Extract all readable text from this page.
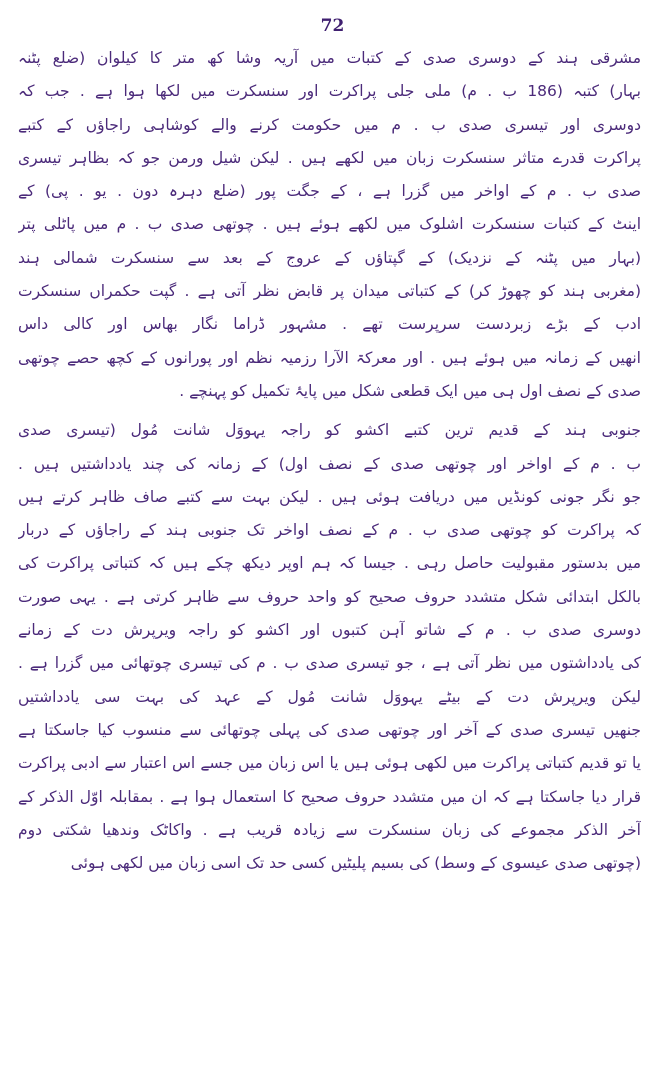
72
مشرقی ہند کے دوسری صدی کے کتبات میں آریہ وشا کھ متر کا کیلوان (ضلع پٹنہ
بہار) کتبہ (186 ب . م) ملی جلی پراکرت اور سنسکرت میں لکھا ہوا ہے . جب کہ
دوسری اور تیسری صدی ب . م میں حکومت کرنے والے کوشاہی راجاؤں کے کتبے
پراکرت قدرے متاثر سنسکرت زبان میں لکھے ہیں . لیکن شیل ورمن جو کہ بظاہر تیسری
صدی ب . م کے اواخر میں گزرا ہے ، کے جگت پور (ضلع دہرہ دون . یو . پی) کے
اینٹ کے کتبات سنسکرت اشلوک میں لکھے ہوئے ہیں . چوتھی صدی ب . م میں پاٹلی پتر
(بہار میں پٹنہ کے نزدیک) کے گپتاؤں کے عروج کے بعد سے سنسکرت شمالی ہند
(مغربی ہند کو چھوڑ کر) کے کتباتی میدان پر قابض نظر آتی ہے . گپت حکمراں سنسکرت
ادب کے بڑے زبردست سرپرست تھے . مشہور ڈراما نگار بھاس اور کالی داس
انھیں کے زمانہ میں ہوئے ہیں . اور معرکۃ الآرا رزمیہ نظم اور پورانوں کے کچھ حصے چوتھی
صدی کے نصف اول ہی میں ایک قطعی شکل میں پایۂ تکمیل کو پہنچے .
جنوبی ہند کے قدیم ترین کتبے اکشو کو راجہ یہووَل شانت مُول (تیسری صدی
ب . م کے اواخر اور چوتھی صدی کے نصف اول) کے زمانہ کی چند یادداشتیں ہیں .
جو نگر جونی کونڈیں میں دریافت ہوئی ہیں . لیکن بہت سے کتبے صاف ظاہر کرتے ہیں
کہ پراکرت کو چوتھی صدی ب . م کے نصف اواخر تک جنوبی ہند کے راجاؤں کے دربار
میں بدستور مقبولیت حاصل رہی . جیسا کہ ہم اوپر دیکھ چکے ہیں کہ کتباتی پراکرت کی
بالکل ابتدائی شکل متشدد حروف صحیح کو واحد حروف سے ظاہر کرتی ہے . یہی صورت
دوسری صدی ب . م کے شاتو آہن کتبوں اور اکشو کو راجہ ویرپرش دت کے زمانے
کی یادداشتوں میں نظر آتی ہے ، جو تیسری صدی ب . م کی تیسری چوتھائی میں گزرا ہے .
لیکن ویرپرش دت کے بیٹے یہووَل شانت مُول کے عہد کی بہت سی یادداشتیں
جنھیں تیسری صدی کے آخر اور چوتھی صدی کی پہلی چوتھائی سے منسوب کیا جاسکتا ہے
یا تو قدیم کتباتی پراکرت میں لکھی ہوئی ہیں یا اس زبان میں جسے اس اعتبار سے ادبی پراکرت
قرار دیا جاسکتا ہے کہ ان میں متشدد حروف صحیح کا استعمال ہوا ہے . بمقابلہ اوّل الذکر کے
آخر الذکر مجموعے کی زبان سنسکرت سے زیادہ قریب ہے . واکاٹک وندھیا شکتی دوم
(چوتھی صدی عیسوی کے وسط) کی بسیم پلیٹیں کسی حد تک اسی زبان میں لکھی ہوئی
